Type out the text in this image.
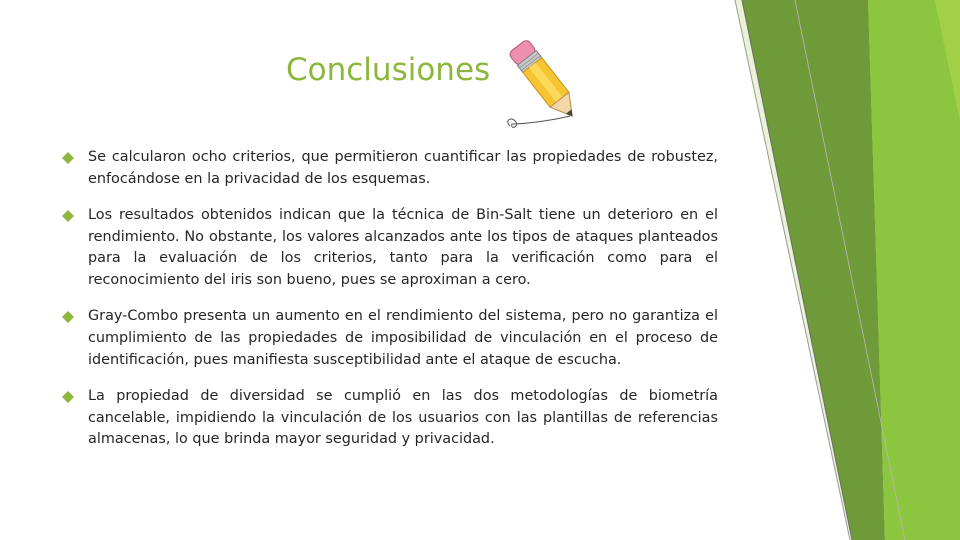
Conclusiones
Se calcularon ocho criterios, que permitieron cuantificar las propiedades de robustez, enfocándose en la privacidad de los esquemas.
Los resultados obtenidos indican que la técnica de Bin-Salt tiene un deterioro en el rendimiento. No obstante, los valores alcanzados ante los tipos de ataques planteados para la evaluación de los criterios, tanto para la verificación como para el reconocimiento del iris son bueno, pues se aproximan a cero.
Gray-Combo presenta un aumento en el rendimiento del sistema, pero no garantiza el cumplimiento de las propiedades de imposibilidad de vinculación en el proceso de identificación, pues manifiesta susceptibilidad ante el ataque de escucha.
La propiedad de diversidad se cumplió en las dos metodologías de biometría cancelable, impidiendo la vinculación de los usuarios con las plantillas de referencias almacenas, lo que brinda mayor seguridad y privacidad.
